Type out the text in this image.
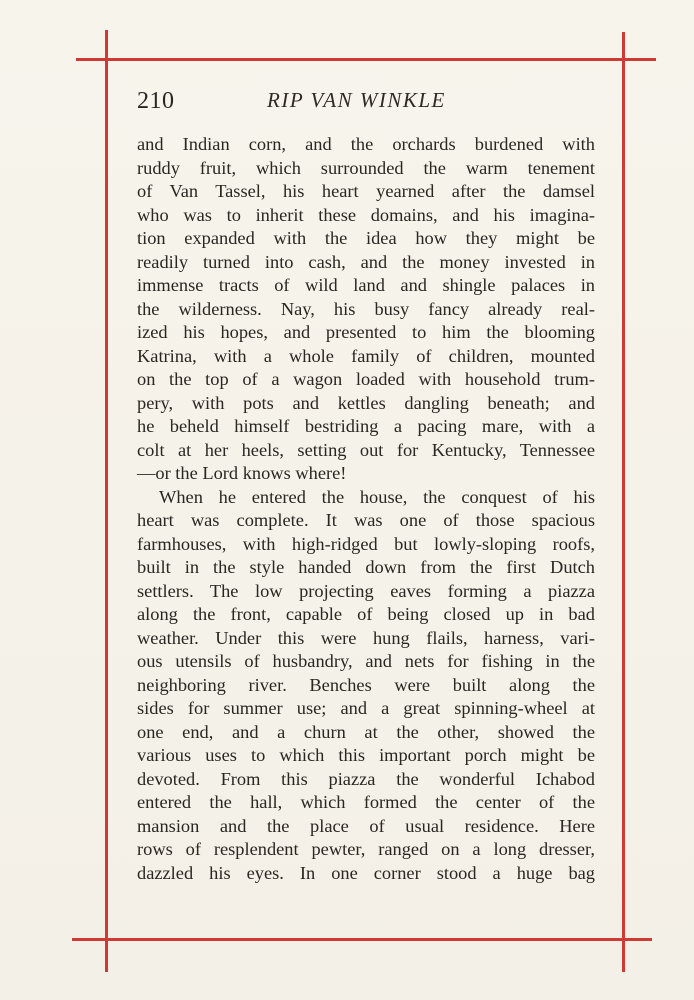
210	RIP VAN WINKLE
and Indian corn, and the orchards burdened with
ruddy fruit, which surrounded the warm tenement
of Van Tassel, his heart yearned after the damsel
who was to inherit these domains, and his imagina-
tion expanded with the idea how they might be
readily turned into cash, and the money invested in
immense tracts of wild land and shingle palaces in
the wilderness. Nay, his busy fancy already real-
ized his hopes, and presented to him the blooming
Katrina, with a whole family of children, mounted
on the top of a wagon loaded with household trum-
pery, with pots and kettles dangling beneath; and
he beheld himself bestriding a pacing mare, with a
colt at her heels, setting out for Kentucky, Tennessee
—or the Lord knows where!
When he entered the house, the conquest of his
heart was complete. It was one of those spacious
farmhouses, with high-ridged but lowly-sloping roofs,
built in the style handed down from the first Dutch
settlers. The low projecting eaves forming a piazza
along the front, capable of being closed up in bad
weather. Under this were hung flails, harness, vari-
ous utensils of husbandry, and nets for fishing in the
neighboring river. Benches were built along the
sides for summer use; and a great spinning-wheel at
one end, and a churn at the other, showed the
various uses to which this important porch might be
devoted. From this piazza the wonderful Ichabod
entered the hall, which formed the center of the
mansion and the place of usual residence. Here
rows of resplendent pewter, ranged on a long dresser,
dazzled his eyes. In one corner stood a huge bag
